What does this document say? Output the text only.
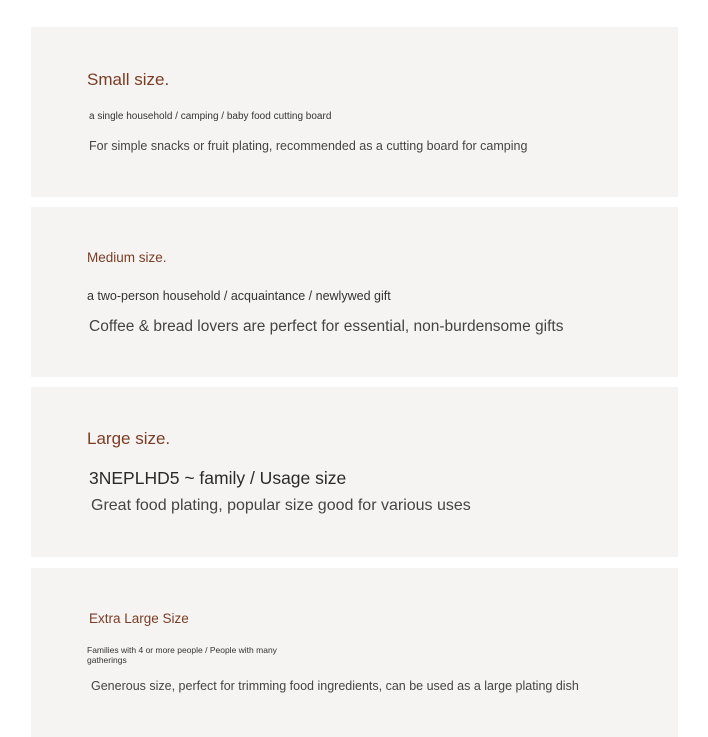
Small size.
a single household / camping / baby food cutting board
For simple snacks or fruit plating, recommended as a cutting board for camping
Medium size.
a two-person household / acquaintance / newlywed gift
Coffee & bread lovers are perfect for essential, non-burdensome gifts
Large size.
3NEPLHD5 ~ family / Usage size
Great food plating, popular size good for various uses
Extra Large Size
Families with 4 or more people / People with many gatherings
Generous size, perfect for trimming food ingredients, can be used as a large plating dish
